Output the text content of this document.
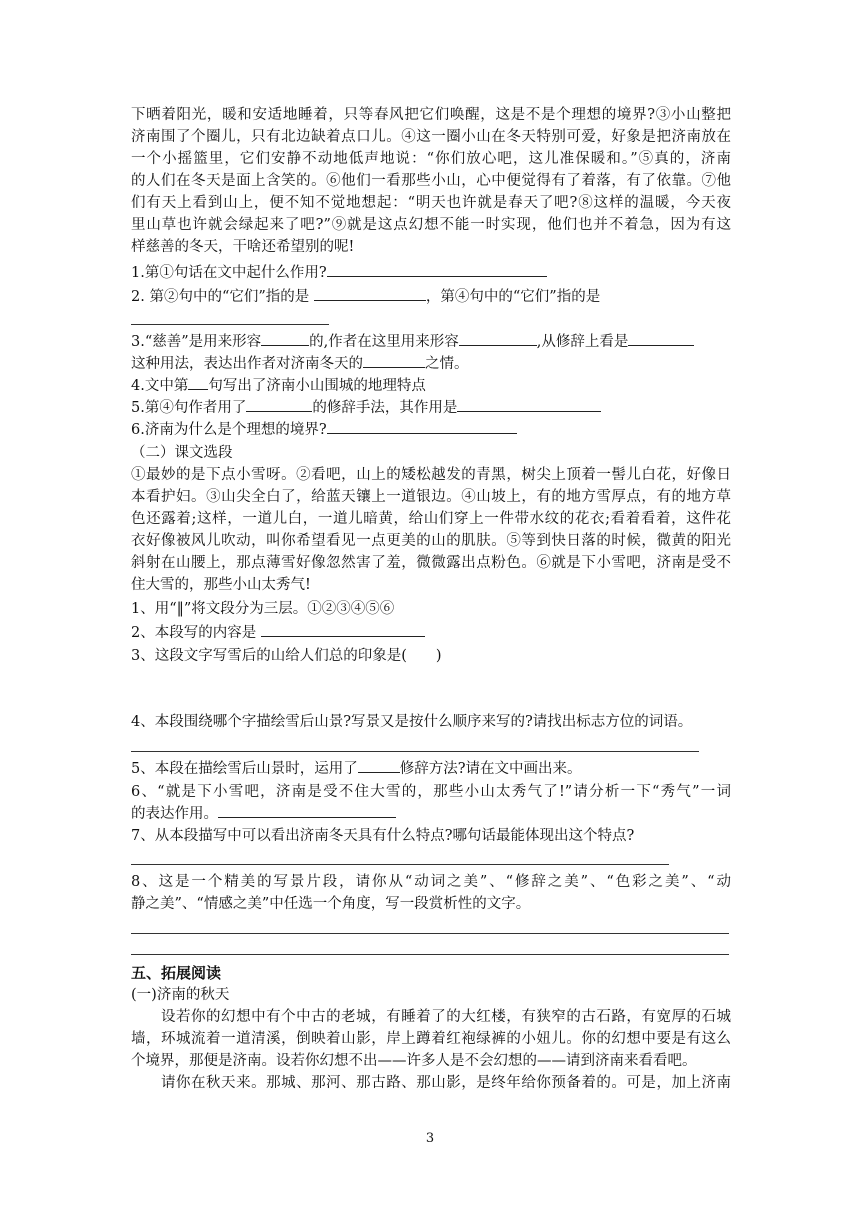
下晒着阳光，暖和安适地睡着，只等春风把它们唤醒，这是不是个理想的境界?③小山整把
济南围了个圈儿，只有北边缺着点口儿。④这一圈小山在冬天特别可爱，好象是把济南放在
一个小摇篮里，它们安静不动地低声地说：“你们放心吧，这儿准保暖和。”⑤真的，济南
的人们在冬天是面上含笑的。⑥他们一看那些小山，心中便觉得有了着落，有了依靠。⑦他
们有天上看到山上，便不知不觉地想起：“明天也许就是春天了吧?⑧这样的温暖，今天夜
里山草也许就会绿起来了吧?”⑨就是这点幻想不能一时实现，他们也并不着急，因为有这
样慈善的冬天，干啥还希望别的呢!
1.第①句话在文中起什么作用?
2. 第②句中的“它们”指的是	，第④句中的“它们”指的是
3.“慈善”是用来形容	的,作者在这里用来形容	,从修辞上看是
这种用法，表达出作者对济南冬天的	之情。
4.文中第 句写出了济南小山围城的地理特点
5.第④句作者用了	的修辞手法，其作用是
6.济南为什么是个理想的境界?
（二）课文选段
①最妙的是下点小雪呀。②看吧，山上的矮松越发的青黑，树尖上顶着一髻儿白花，好像日
本看护妇。③山尖全白了，给蓝天镶上一道银边。④山坡上，有的地方雪厚点，有的地方草
色还露着;这样，一道儿白，一道儿暗黄，给山们穿上一件带水纹的花衣;看着看着，这件花
衣好像被风儿吹动，叫你希望看见一点更美的山的肌肤。⑤等到快日落的时候，微黄的阳光
斜射在山腰上，那点薄雪好像忽然害了羞，微微露出点粉色。⑥就是下小雪吧，济南是受不
住大雪的，那些小山太秀气!
1、用“‖”将文段分为三层。①②③④⑤⑥
2、本段写的内容是
3、这段文字写雪后的山给人们总的印象是(　　)
4、本段围绕哪个字描绘雪后山景?写景又是按什么顺序来写的?请找出标志方位的词语。
5、本段在描绘雪后山景时，运用了	修辞方法?请在文中画出来。
6、“就是下小雪吧，济南是受不住大雪的，那些小山太秀气了!”请分析一下“秀气”一词
的表达作用。
7、从本段描写中可以看出济南冬天具有什么特点?哪句话最能体现出这个特点?
8、这是一个精美的写景片段，请你从“动词之美”、“修辞之美”、“色彩之美”、“动
静之美”、“情感之美”中任选一个角度，写一段赏析性的文字。
五、拓展阅读
(一)济南的秋天
设若你的幻想中有个中古的老城，有睡着了的大红楼，有狭窄的古石路，有宽厚的石城
墙，环城流着一道清溪，倒映着山影，岸上蹲着红袍绿裤的小妞儿。你的幻想中要是有这么
个境界，那便是济南。设若你幻想不出——许多人是不会幻想的——请到济南来看看吧。
请你在秋天来。那城、那河、那古路、那山影，是终年给你预备着的。可是，加上济南
3
